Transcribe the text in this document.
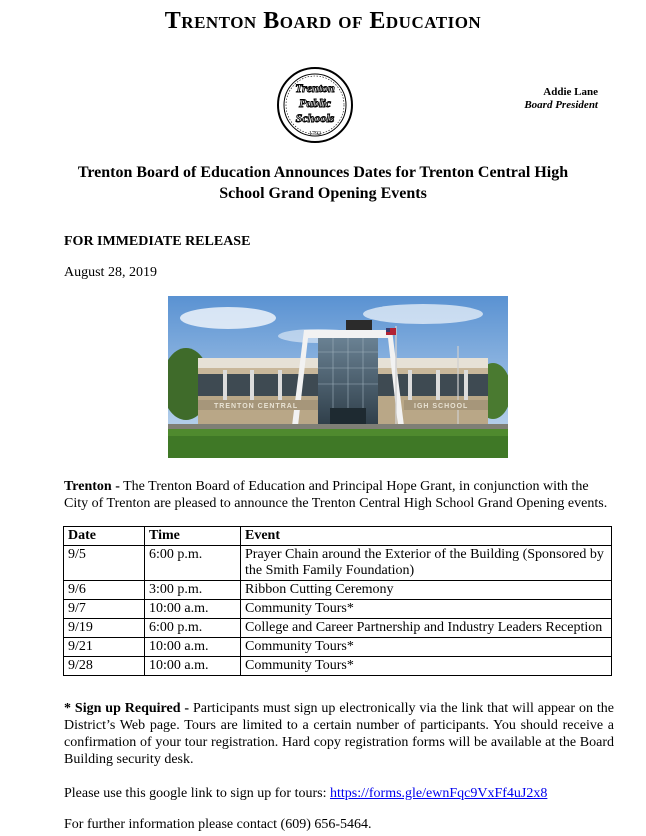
Trenton Board of Education
Trenton
Public
Schools
1792
Addie Lane
Board President
Trenton Board of Education Announces Dates for Trenton Central High School Grand Opening Events
FOR IMMEDIATE RELEASE
August 28, 2019
TRENTON CENTRAL	IGH SCHOOL
Trenton - The Trenton Board of Education and Principal Hope Grant, in conjunction with the City of Trenton are pleased to announce the Trenton Central High School Grand Opening events.
Date	Time	Event
9/5	6:00 p.m.	Prayer Chain around the Exterior of the Building (Sponsored by the Smith Family Foundation)
9/6	3:00 p.m.	Ribbon Cutting Ceremony
9/7	10:00 a.m.	Community Tours*
9/19	6:00 p.m.	College and Career Partnership and Industry Leaders Reception
9/21	10:00 a.m.	Community Tours*
9/28	10:00 a.m.	Community Tours*
* Sign up Required - Participants must sign up electronically via the link that will appear on the District’s Web page. Tours are limited to a certain number of participants. You should receive a confirmation of your tour registration. Hard copy registration forms will be available at the Board Building security desk.
Please use this google link to sign up for tours: https://forms.gle/ewnFqc9VxFf4uJ2x8
For further information please contact (609) 656-5464.
